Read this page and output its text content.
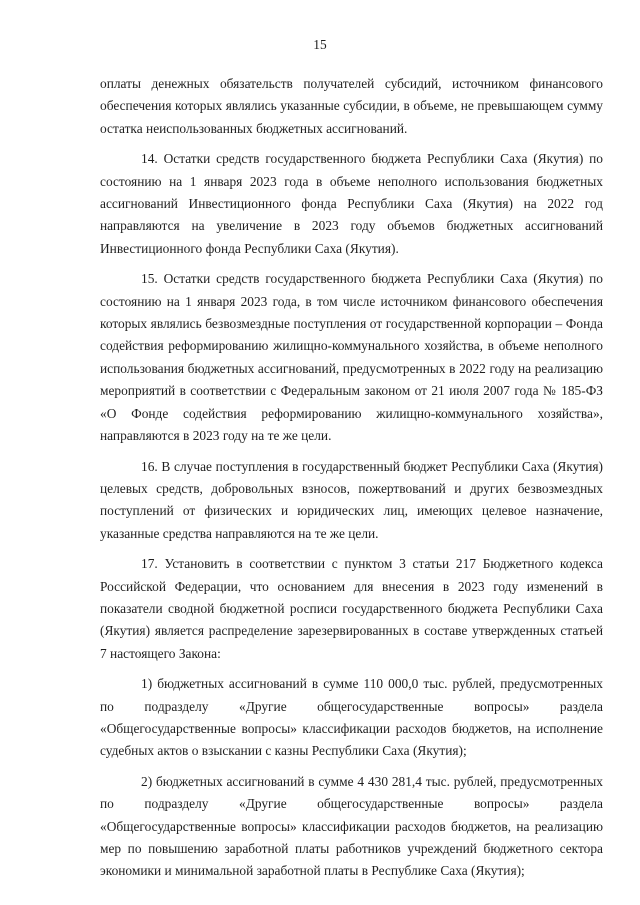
15

оплаты денежных обязательств получателей субсидий, источником финансового обеспечения которых являлись указанные субсидии, в объеме, не превышающем сумму остатка неиспользованных бюджетных ассигнований.

14. Остатки средств государственного бюджета Республики Саха (Якутия) по состоянию на 1 января 2023 года в объеме неполного использования бюджетных ассигнований Инвестиционного фонда Республики Саха (Якутия) на 2022 год направляются на увеличение в 2023 году объемов бюджетных ассигнований Инвестиционного фонда Республики Саха (Якутия).

15. Остатки средств государственного бюджета Республики Саха (Якутия) по состоянию на 1 января 2023 года, в том числе источником финансового обеспечения которых являлись безвозмездные поступления от государственной корпорации – Фонда содействия реформированию жилищно-коммунального хозяйства, в объеме неполного использования бюджетных ассигнований, предусмотренных в 2022 году на реализацию мероприятий в соответствии с Федеральным законом от 21 июля 2007 года № 185-ФЗ «О Фонде содействия реформированию жилищно-коммунального хозяйства», направляются в 2023 году на те же цели.

16. В случае поступления в государственный бюджет Республики Саха (Якутия) целевых средств, добровольных взносов, пожертвований и других безвозмездных поступлений от физических и юридических лиц, имеющих целевое назначение, указанные средства направляются на те же цели.

17. Установить в соответствии с пунктом 3 статьи 217 Бюджетного кодекса Российской Федерации, что основанием для внесения в 2023 году изменений в показатели сводной бюджетной росписи государственного бюджета Республики Саха (Якутия) является распределение зарезервированных в составе утвержденных статьей 7 настоящего Закона:

1) бюджетных ассигнований в сумме 110 000,0 тыс. рублей, предусмотренных по подразделу «Другие общегосударственные вопросы» раздела «Общегосударственные вопросы» классификации расходов бюджетов, на исполнение судебных актов о взыскании с казны Республики Саха (Якутия);

2) бюджетных ассигнований в сумме 4 430 281,4 тыс. рублей, предусмотренных по подразделу «Другие общегосударственные вопросы» раздела «Общегосударственные вопросы» классификации расходов бюджетов, на реализацию мер по повышению заработной платы работников учреждений бюджетного сектора экономики и минимальной заработной платы в Республике Саха (Якутия);
